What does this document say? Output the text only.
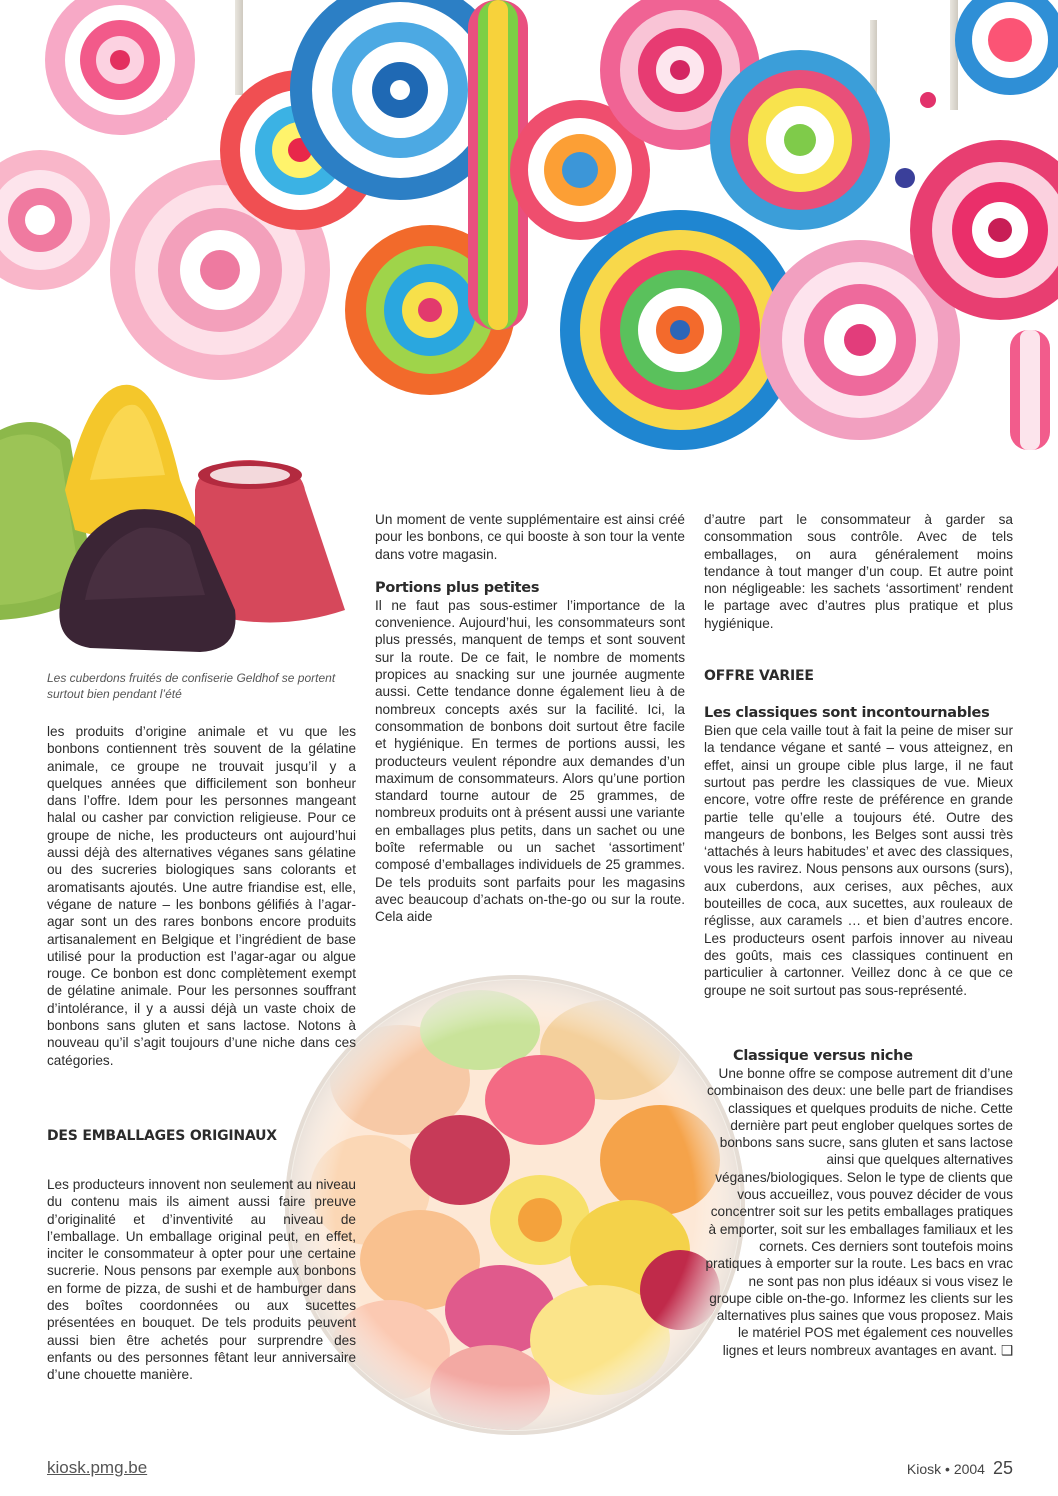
Les cuberdons fruités de confiserie Geldhof se portent surtout bien pendant l’été

les produits d’origine animale et vu que les bonbons contiennent très souvent de la gélatine animale, ce groupe ne trouvait jusqu’il y a quelques années que difficilement son bonheur dans l’offre. Idem pour les personnes mangeant halal ou casher par conviction religieuse. Pour ce groupe de niche, les producteurs ont aujourd’hui aussi déjà des alternatives véganes sans gélatine ou des sucreries biologiques sans colorants et aromatisants ajoutés. Une autre friandise est, elle, végane de nature – les bonbons gélifiés à l’agar-agar sont un des rares bonbons encore produits artisanalement en Belgique et l’ingrédient de base utilisé pour la production est l’agar-agar ou algue rouge. Ce bonbon est donc complètement exempt de gélatine animale. Pour les personnes souffrant d’intolérance, il y a aussi déjà un vaste choix de bonbons sans gluten et sans lactose. Notons à nouveau qu’il s’agit toujours d’une niche dans ces catégories.

DES EMBALLAGES ORIGINAUX

Les producteurs innovent non seulement au niveau du contenu mais ils aiment aussi faire preuve d’originalité et d’inventivité au niveau de l’emballage. Un emballage original peut, en effet, inciter le consommateur à opter pour une certaine sucrerie. Nous pensons par exemple aux bonbons en forme de pizza, de sushi et de hamburger dans des boîtes coordonnées ou aux sucettes présentées en bouquet. De tels produits peuvent aussi bien être achetés pour surprendre des enfants ou des personnes fêtant leur anniversaire d’une chouette manière.

Un moment de vente supplémentaire est ainsi créé pour les bonbons, ce qui booste à son tour la vente dans votre magasin.

Portions plus petites

Il ne faut pas sous-estimer l’importance de la convenience. Aujourd’hui, les consommateurs sont plus pressés, manquent de temps et sont souvent sur la route. De ce fait, le nombre de moments propices au snacking sur une journée augmente aussi. Cette tendance donne également lieu à de nombreux concepts axés sur la facilité. Ici, la consommation de bonbons doit surtout être facile et hygiénique. En termes de portions aussi, les producteurs veulent répondre aux demandes d’un maximum de consommateurs. Alors qu’une portion standard tourne autour de 25 grammes, de nombreux produits ont à présent aussi une variante en emballages plus petits, dans un sachet ou une boîte refermable ou un sachet ‘assortiment’ composé d’emballages individuels de 25 grammes. De tels produits sont parfaits pour les magasins avec beaucoup d’achats on-the-go ou sur la route. Cela aide

d’autre part le consommateur à garder sa consommation sous contrôle. Avec de tels emballages, on aura généralement moins tendance à tout manger d’un coup. Et autre point non négligeable: les sachets ‘assortiment’ rendent le partage avec d’autres plus pratique et plus hygiénique.

OFFRE VARIEE
Les classiques sont incontournables

Bien que cela vaille tout à fait la peine de miser sur la tendance végane et santé – vous atteignez, en effet, ainsi un groupe cible plus large, il ne faut surtout pas perdre les classiques de vue. Mieux encore, votre offre reste de préférence en grande partie telle qu’elle a toujours été. Outre des mangeurs de bonbons, les Belges sont aussi très ‘attachés à leurs habitudes’ et avec des classiques, vous les ravirez. Nous pensons aux oursons (surs), aux cuberdons, aux cerises, aux pêches, aux bouteilles de coca, aux sucettes, aux rouleaux de réglisse, aux caramels … et bien d’autres encore. Les producteurs osent parfois innover au niveau des goûts, mais ces classiques continuent en particulier à cartonner. Veillez donc à ce que ce groupe ne soit surtout pas sous-représenté.

Classique versus niche

Une bonne offre se compose autrement dit d’une combinaison des deux: une belle part de friandises classiques et quelques produits de niche. Cette dernière part peut englober quelques sortes de bonbons sans sucre, sans gluten et sans lactose ainsi que quelques alternatives véganes/biologiques. Selon le type de clients que vous accueillez, vous pouvez décider de vous concentrer soit sur les petits emballages pratiques à emporter, soit sur les emballages familiaux et les cornets. Ces derniers sont toutefois moins pratiques à emporter sur la route. Les bacs en vrac ne sont pas non plus idéaux si vous visez le groupe cible on-the-go. Informez les clients sur les alternatives plus saines que vous proposez. Mais le matériel POS met également ces nouvelles lignes et leurs nombreux avantages en avant. ❑

kiosk.pmg.be	Kiosk • 2004 25
